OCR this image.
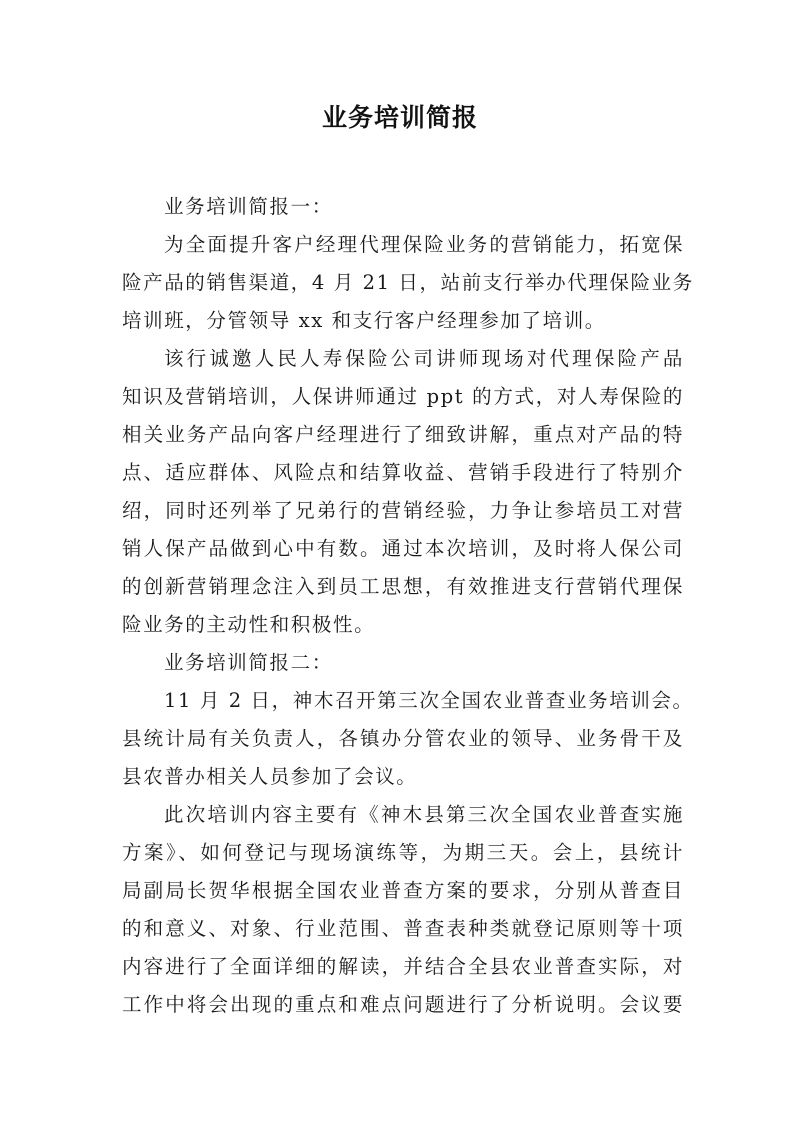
业务培训简报
业务培训简报一：
为全面提升客户经理代理保险业务的营销能力，拓宽保
险产品的销售渠道，4 月 21 日，站前支行举办代理保险业务
培训班，分管领导 xx 和支行客户经理参加了培训。
该行诚邀人民人寿保险公司讲师现场对代理保险产品
知识及营销培训，人保讲师通过 ppt 的方式，对人寿保险的
相关业务产品向客户经理进行了细致讲解，重点对产品的特
点、适应群体、风险点和结算收益、营销手段进行了特别介
绍，同时还列举了兄弟行的营销经验，力争让参培员工对营
销人保产品做到心中有数。通过本次培训，及时将人保公司
的创新营销理念注入到员工思想，有效推进支行营销代理保
险业务的主动性和积极性。
业务培训简报二：
11 月 2 日，神木召开第三次全国农业普查业务培训会。
县统计局有关负责人，各镇办分管农业的领导、业务骨干及
县农普办相关人员参加了会议。
此次培训内容主要有《神木县第三次全国农业普查实施
方案》、如何登记与现场演练等，为期三天。会上，县统计
局副局长贺华根据全国农业普查方案的要求，分别从普查目
的和意义、对象、行业范围、普查表种类就登记原则等十项
内容进行了全面详细的解读，并结合全县农业普查实际，对
工作中将会出现的重点和难点问题进行了分析说明。会议要
